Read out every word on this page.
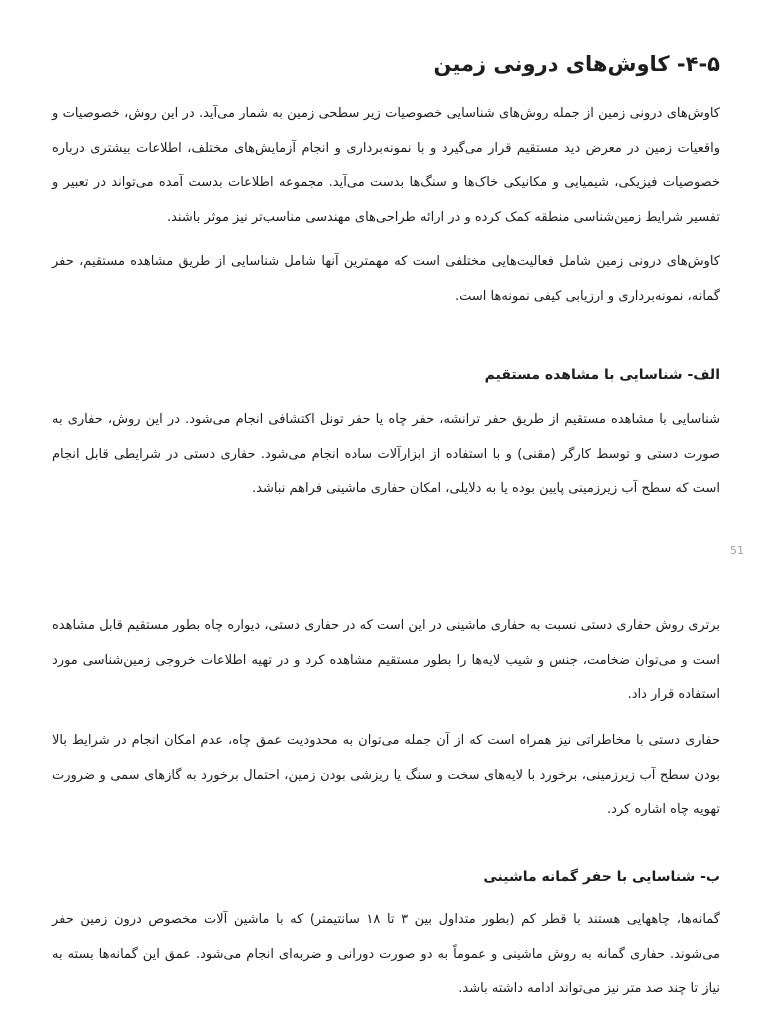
۴-۵- کاوش‌های درونی زمین

کاوش‌های درونی زمین از جمله روش‌های شناسایی خصوصیات زیر سطحی زمین به شمار می‌آید. در این روش، خصوصیات و واقعیات زمین در معرض دید مستقیم قرار می‌گیرد و با نمونه‌برداری و انجام آزمایش‌های مختلف، اطلاعات بیشتری درباره خصوصیات فیزیکی، شیمیایی و مکانیکی خاک‌ها و سنگ‌ها بدست می‌آید. مجموعه اطلاعات بدست آمده می‌تواند در تعبیر و تفسیر شرایط زمین‌شناسی منطقه کمک کرده و در ارائه طراحی‌های مهندسی مناسب‌تر نیز موثر باشند.

کاوش‌های درونی زمین شامل فعالیت‌هایی مختلفی است که مهمترین آنها شامل شناسایی از طریق مشاهده مستقیم، حفر گمانه، نمونه‌برداری و ارزیابی کیفی نمونه‌ها است.

الف- شناسایی با مشاهده مستقیم

شناسایی با مشاهده مستقیم از طریق حفر ترانشه، حفر چاه یا حفر تونل اکتشافی انجام می‌شود. در این روش، حفاری به صورت دستی و توسط کارگر (مقنی) و با استفاده از ابزارآلات ساده انجام می‌شود. حفاری دستی در شرایطی قابل انجام است که سطح آب زیرزمینی پایین بوده یا به دلایلی، امکان حفاری ماشینی فراهم نباشد.

51

برتری روش حفاری دستی نسبت به حفاری ماشینی در این است که در حفاری دستی، دیواره چاه بطور مستقیم قابل مشاهده است و می‌توان ضخامت، جنس و شیب لایه‌ها را بطور مستقیم مشاهده کرد و در تهیه اطلاعات خروجی زمین‌شناسی مورد استفاده قرار داد.

حفاری دستی با مخاطراتی نیز همراه است که از آن جمله می‌توان به محدودیت عمق چاه، عدم امکان انجام در شرایط بالا بودن سطح آب زیرزمینی، برخورد با لایه‌های سخت و سنگ یا ریزشی بودن زمین، احتمال برخورد به گازهای سمی و ضرورت تهویه چاه اشاره کرد.

ب- شناسایی با حفر گمانه ماشینی

گمانه‌ها، چاههایی هستند با قطر کم (بطور متداول بین ۳ تا ۱۸ سانتیمتر) که با ماشین آلات مخصوص درون زمین حفر می‌شوند. حفاری گمانه به روش ماشینی و عموماً به دو صورت دورانی و ضربه‌ای انجام می‌شود. عمق این گمانه‌ها بسته به نیاز تا چند صد متر نیز می‌تواند ادامه داشته باشد.
